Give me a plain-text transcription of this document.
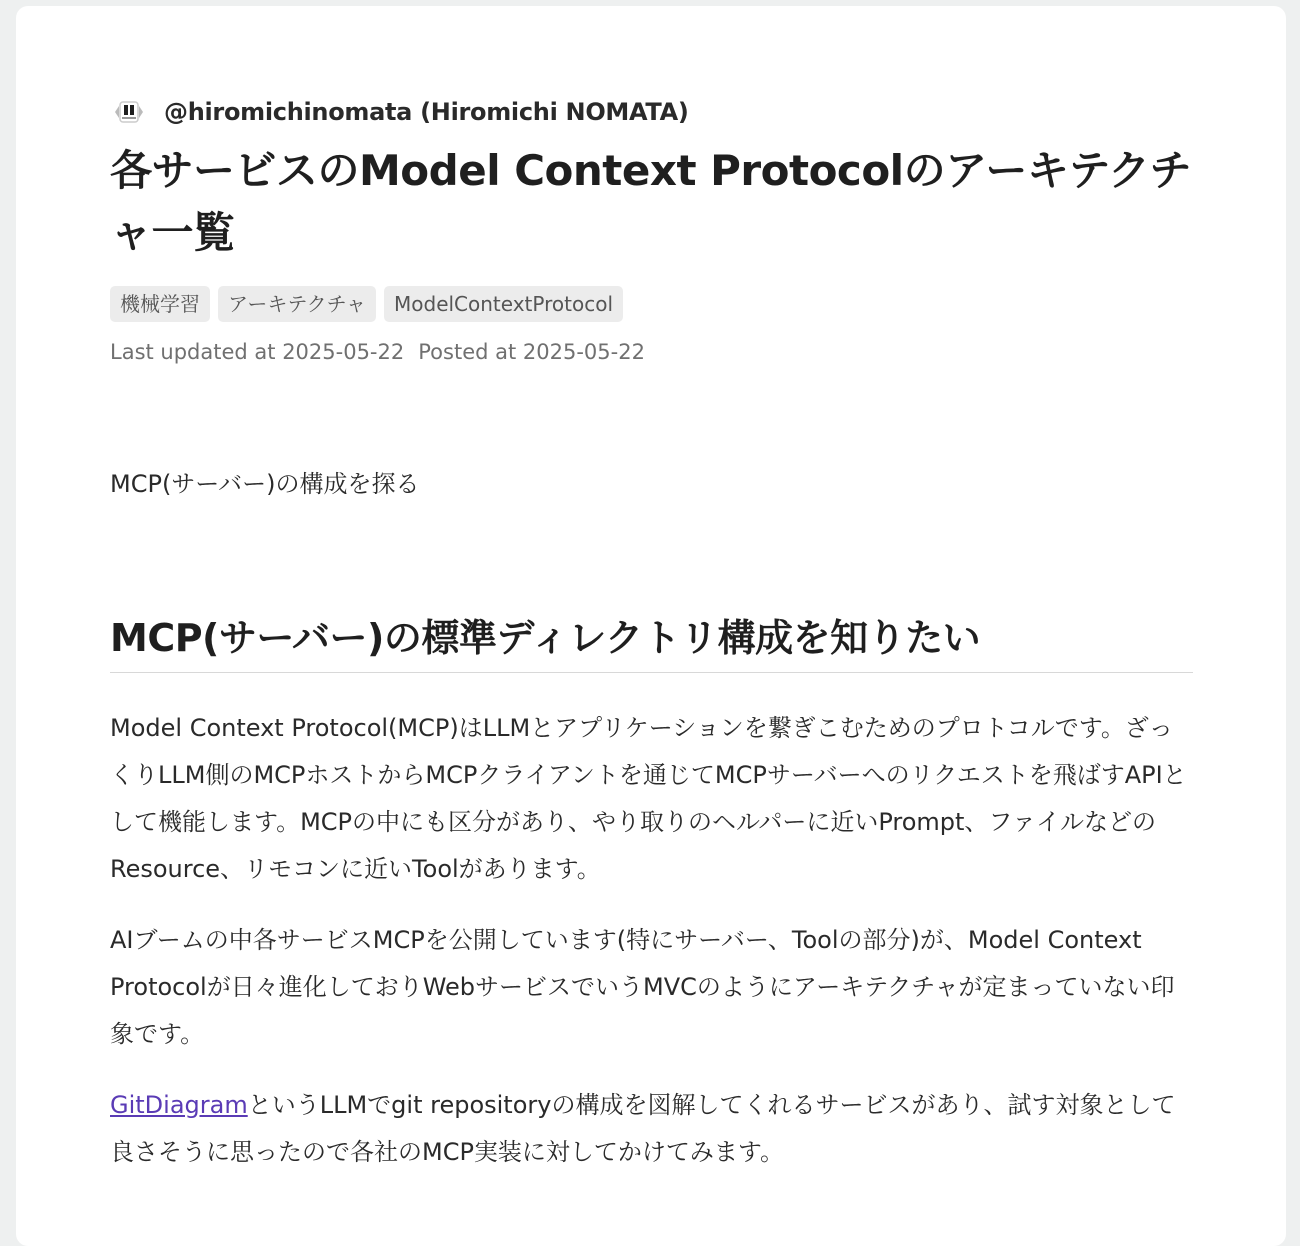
@hiromichinomata (Hiromichi NOMATA)
各サービスのModel Context Protocolのアーキテクチャ一覧
機械学習	アーキテクチャ	ModelContextProtocol
Last updated at 2025-05-22 Posted at 2025-05-22
MCP(サーバー)の構成を探る
MCP(サーバー)の標準ディレクトリ構成を知りたい

Model Context Protocol(MCP)はLLMとアプリケーションを繋ぎこむためのプロトコルです。ざっくりLLM側のMCPホストからMCPクライアントを通じてMCPサーバーへのリクエストを飛ばすAPIとして機能します。MCPの中にも区分があり、やり取りのヘルパーに近いPrompt、ファイルなどのResource、リモコンに近いToolがあります。

AIブームの中各サービスMCPを公開しています(特にサーバー、Toolの部分)が、Model Context Protocolが日々進化しておりWebサービスでいうMVCのようにアーキテクチャが定まっていない印象です。

GitDiagramというLLMでgit repositoryの構成を図解してくれるサービスがあり、試す対象として良さそうに思ったので各社のMCP実装に対してかけてみます。
